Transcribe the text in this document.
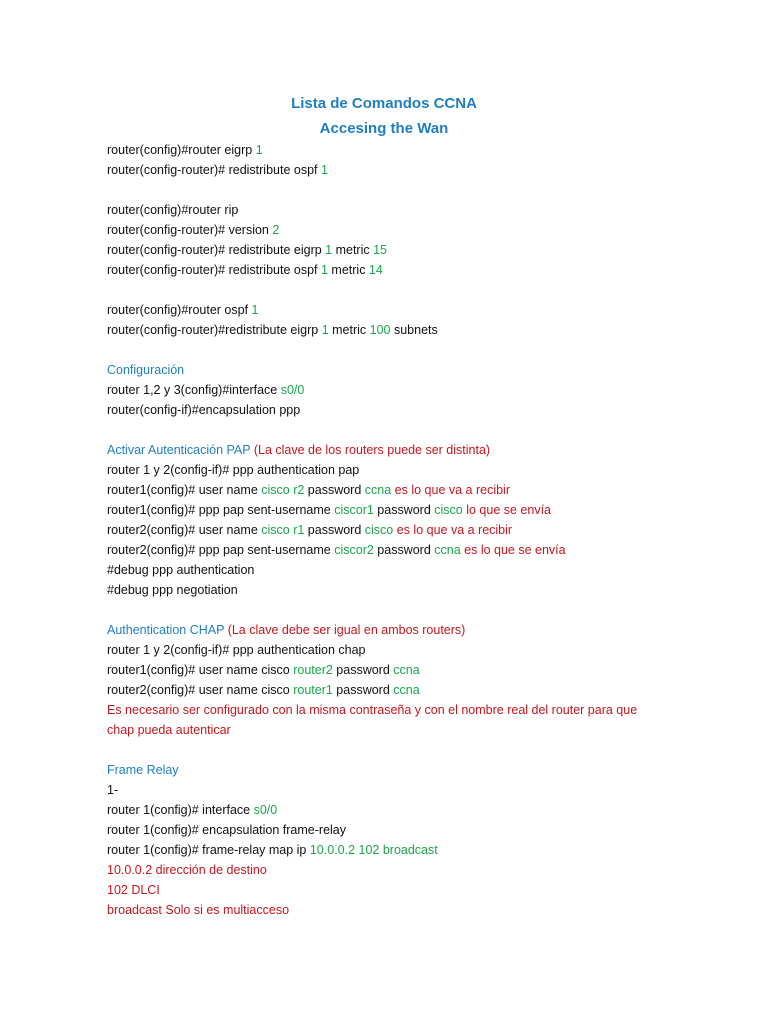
Lista de Comandos CCNA
Accesing the Wan
router(config)#router eigrp 1
router(config-router)# redistribute ospf 1
router(config)#router rip
router(config-router)# version 2
router(config-router)# redistribute eigrp 1 metric 15
router(config-router)# redistribute ospf 1 metric 14
router(config)#router ospf 1
router(config-router)#redistribute eigrp 1 metric 100 subnets
Configuración
router 1,2 y 3(config)#interface s0/0
router(config-if)#encapsulation ppp
Activar Autenticación PAP (La clave de los routers puede ser distinta)
router 1 y 2(config-if)# ppp authentication pap
router1(config)# user name cisco r2 password ccna es lo que va a recibir
router1(config)# ppp pap sent-username ciscor1 password cisco lo que se envía
router2(config)# user name cisco r1 password cisco es lo que va a recibir
router2(config)# ppp pap sent-username ciscor2 password ccna es lo que se envía
#debug ppp authentication
#debug ppp negotiation
Authentication CHAP (La clave debe ser igual en ambos routers)
router 1 y 2(config-if)# ppp authentication chap
router1(config)# user name cisco router2 password ccna
router2(config)# user name cisco router1 password ccna
Es necesario ser configurado con la misma contraseña y con el nombre real del router para que
chap pueda autenticar
Frame Relay
1-
router 1(config)# interface s0/0
router 1(config)# encapsulation frame-relay
router 1(config)# frame-relay map ip 10.0.0.2 102 broadcast
10.0.0.2 dirección de destino
102 DLCI
broadcast Solo si es multiacceso
